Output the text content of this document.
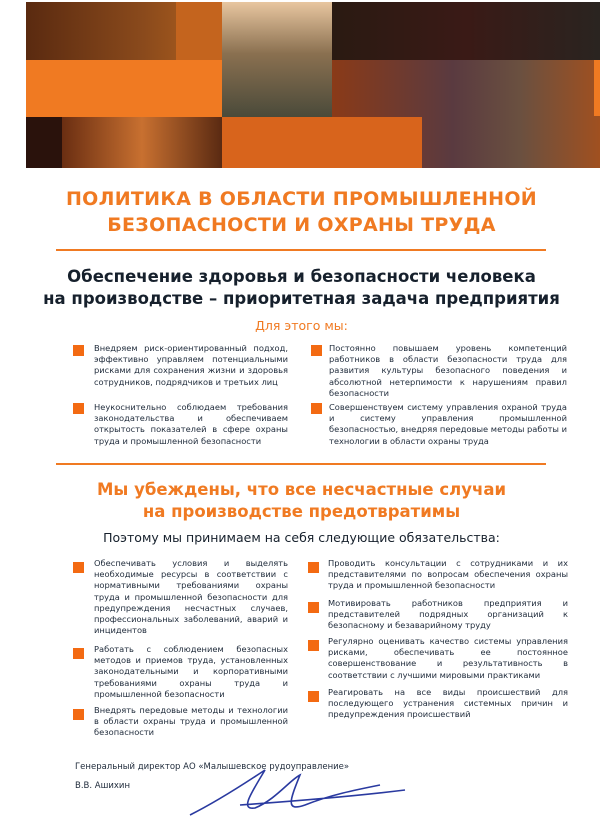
ПОЛИТИКА В ОБЛАСТИ ПРОМЫШЛЕННОЙ
БЕЗОПАСНОСТИ И ОХРАНЫ ТРУДА
Обеспечение здоровья и безопасности человека
на производстве – приоритетная задача предприятия
Для этого мы:
Внедряем риск-ориентированный подход, эффективно управляем потенциальными рисками для сохранения жизни и здоровья сотрудников, подрядчиков и третьих лиц
Постоянно повышаем уровень компетенций работников в области безопасности труда для развития культуры безопасного поведения и абсолютной нетерпимости к нарушениям правил безопасности
Неукоснительно соблюдаем требования законодательства и обеспечиваем открытость показателей в сфере охраны труда и промышленной безопасности
Совершенствуем систему управления охраной труда и систему управления промышленной безопасностью, внедряя передовые методы работы и технологии в области охраны труда
Мы убеждены, что все несчастные случаи
на производстве предотвратимы
Поэтому мы принимаем на себя следующие обязательства:
Обеспечивать условия и выделять необходимые ресурсы в соответствии с нормативными требованиями охраны труда и промышленной безопасности для предупреждения несчастных случаев, профессиональных заболеваний, аварий и инцидентов
Работать с соблюдением безопасных методов и приемов труда, установленных законодательными и корпоративными требованиями охраны труда и промышленной безопасности
Внедрять передовые методы и технологии в области охраны труда и промышленной безопасности
Проводить консультации с сотрудниками и их представителями по вопросам обеспечения охраны труда и промышленной безопасности
Мотивировать работников предприятия и представителей подрядных организаций к безопасному и безаварийному труду
Регулярно оценивать качество системы управления рисками, обеспечивать ее постоянное совершенствование и результативность в соответствии с лучшими мировыми практиками
Реагировать на все виды происшествий для последующего устранения системных причин и предупреждения происшествий
Генеральный директор АО «Малышевское рудоуправление»
В.В. Ашихин
